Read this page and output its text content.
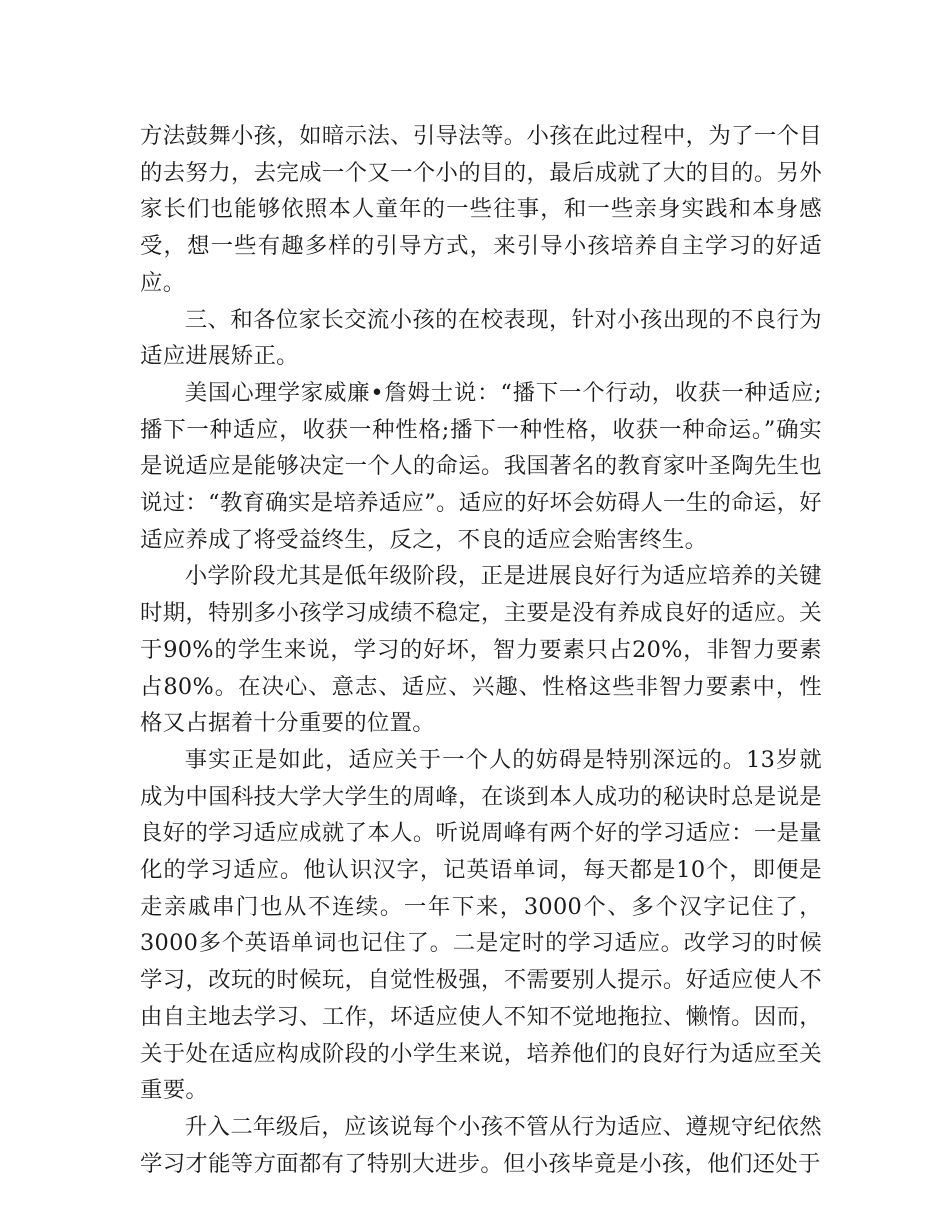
方法鼓舞小孩，如暗示法、引导法等。小孩在此过程中，为了一个目的去努力，去完成一个又一个小的目的，最后成就了大的目的。另外家长们也能够依照本人童年的一些往事，和一些亲身实践和本身感受，想一些有趣多样的引导方式，来引导小孩培养自主学习的好适应。

三、和各位家长交流小孩的在校表现，针对小孩出现的不良行为适应进展矫正。

美国心理学家威廉•詹姆士说：“播下一个行动，收获一种适应;播下一种适应，收获一种性格;播下一种性格，收获一种命运。”确实是说适应是能够决定一个人的命运。我国著名的教育家叶圣陶先生也说过：“教育确实是培养适应”。适应的好坏会妨碍人一生的命运，好适应养成了将受益终生，反之，不良的适应会贻害终生。

小学阶段尤其是低年级阶段，正是进展良好行为适应培养的关键时期，特别多小孩学习成绩不稳定，主要是没有养成良好的适应。关于90%的学生来说，学习的好坏，智力要素只占20%，非智力要素占80%。在决心、意志、适应、兴趣、性格这些非智力要素中，性格又占据着十分重要的位置。

事实正是如此，适应关于一个人的妨碍是特别深远的。13岁就成为中国科技大学大学生的周峰，在谈到本人成功的秘诀时总是说是良好的学习适应成就了本人。听说周峰有两个好的学习适应：一是量化的学习适应。他认识汉字，记英语单词，每天都是10个，即便是走亲戚串门也从不连续。一年下来，3000个、多个汉字记住了，3000多个英语单词也记住了。二是定时的学习适应。改学习的时候学习，改玩的时候玩，自觉性极强，不需要别人提示。好适应使人不由自主地去学习、工作，坏适应使人不知不觉地拖拉、懒惰。因而，关于处在适应构成阶段的小学生来说，培养他们的良好行为适应至关重要。

升入二年级后，应该说每个小孩不管从行为适应、遵规守纪依然学习才能等方面都有了特别大进步。但小孩毕竟是小孩，他们还处于
